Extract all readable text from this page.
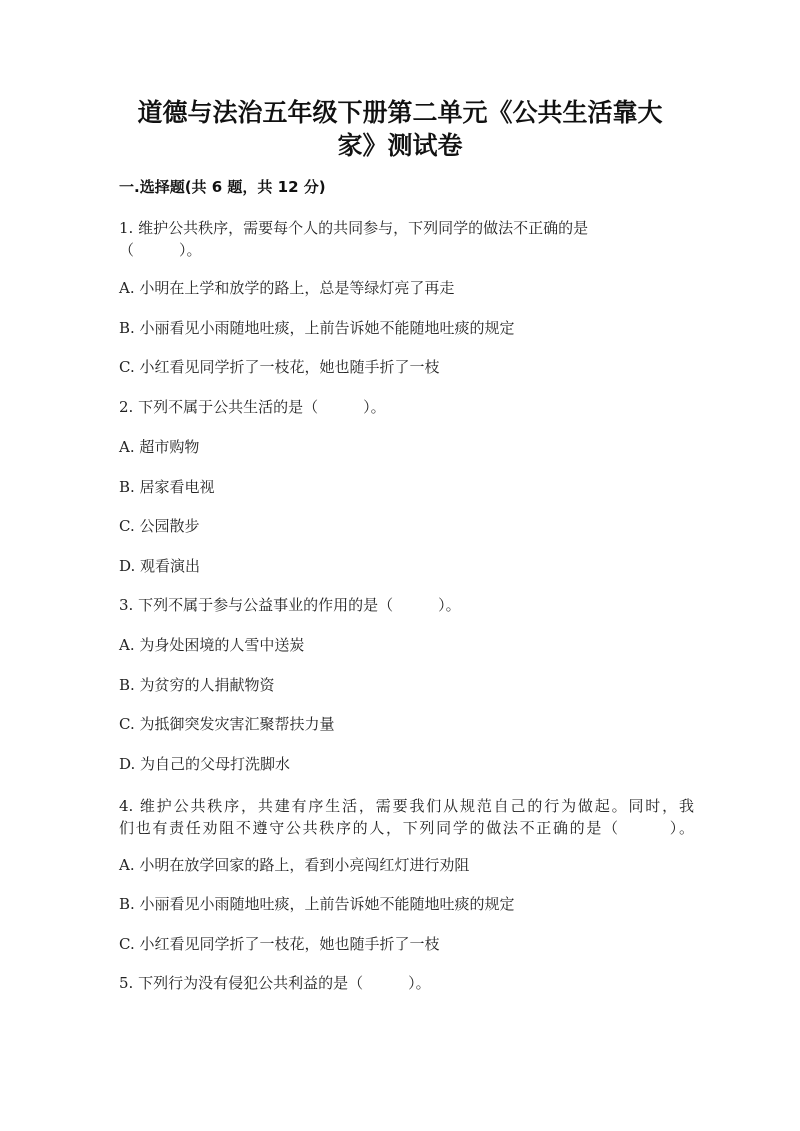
道德与法治五年级下册第二单元《公共生活靠大
家》测试卷
一.选择题(共 6 题，共 12 分)

1. 维护公共秩序，需要每个人的共同参与，下列同学的做法不正确的是

（　　　）。

A. 小明在上学和放学的路上，总是等绿灯亮了再走

B. 小丽看见小雨随地吐痰，上前告诉她不能随地吐痰的规定

C. 小红看见同学折了一枝花，她也随手折了一枝

2. 下列不属于公共生活的是（　　　）。

A. 超市购物

B. 居家看电视

C. 公园散步

D. 观看演出

3. 下列不属于参与公益事业的作用的是（　　　）。

A. 为身处困境的人雪中送炭

B. 为贫穷的人捐献物资

C. 为抵御突发灾害汇聚帮扶力量

D. 为自己的父母打洗脚水

4. 维护公共秩序，共建有序生活，需要我们从规范自己的行为做起。同时，我

们也有责任劝阻不遵守公共秩序的人，下列同学的做法不正确的是（　　　）。

A. 小明在放学回家的路上，看到小亮闯红灯进行劝阻

B. 小丽看见小雨随地吐痰，上前告诉她不能随地吐痰的规定

C. 小红看见同学折了一枝花，她也随手折了一枝

5. 下列行为没有侵犯公共利益的是（　　　）。
